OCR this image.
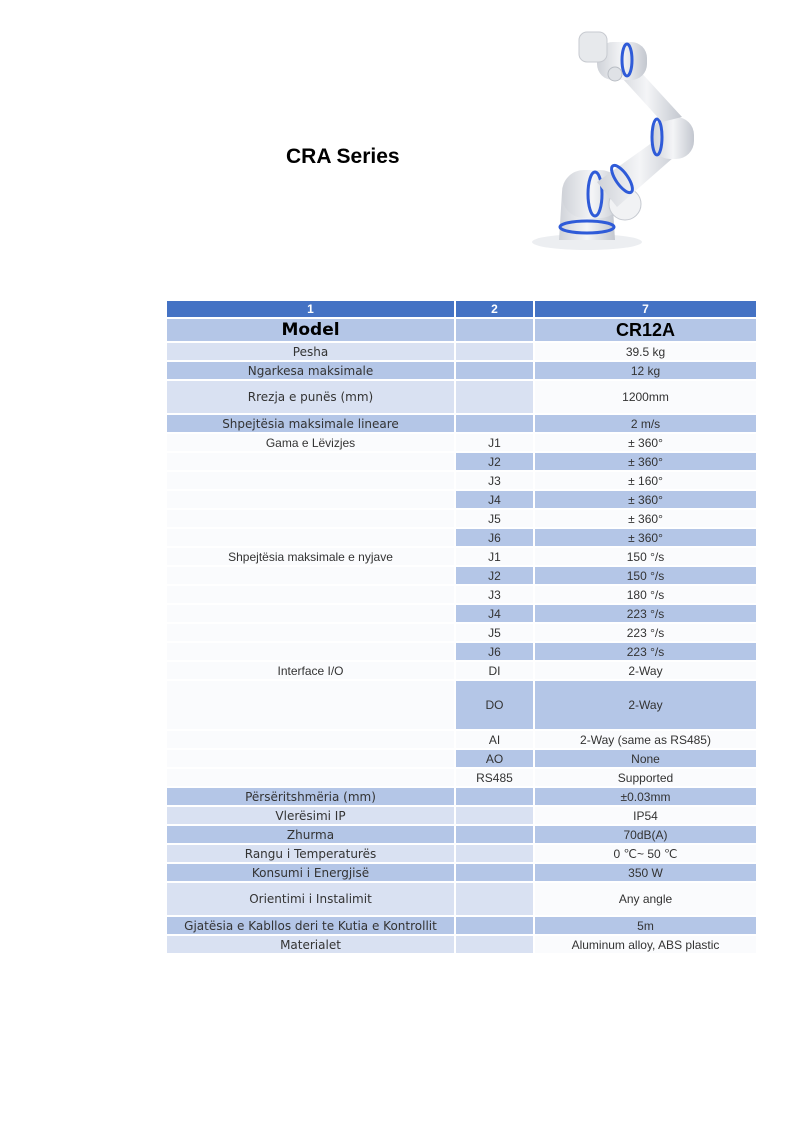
CRA Series
1	2	7
Model		CR12A
Pesha		39.5 kg
Ngarkesa maksimale		12 kg
Rrezja e punës (mm)		1200mm
Shpejtësia maksimale lineare		2 m/s
Gama e Lëvizjes	J1	± 360°
	J2	± 360°
	J3	± 160°
	J4	± 360°
	J5	± 360°
	J6	± 360°
Shpejtësia maksimale e nyjave	J1	150 °/s
	J2	150 °/s
	J3	180 °/s
	J4	223 °/s
	J5	223 °/s
	J6	223 °/s
Interface I/O	DI	2-Way
	DO	2-Way
	AI	2-Way (same as RS485)
	AO	None
	RS485	Supported
Përsëritshmëria (mm)		±0.03mm
Vlerësimi IP		IP54
Zhurma		70dB(A)
Rangu i Temperaturës		0 ℃~ 50 ℃
Konsumi i Energjisë		350 W
Orientimi i Instalimit		Any angle
Gjatësia e Kabllos deri te Kutia e Kontrollit		5m
Materialet		Aluminum alloy, ABS plastic
